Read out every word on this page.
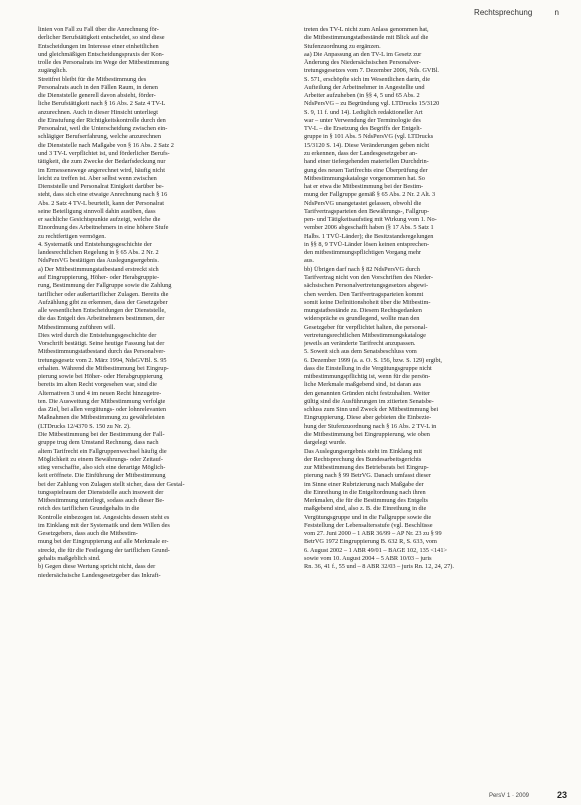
Rechtsprechung	n

linien von Fall zu Fall über die Anrechnung för-

derlicher Berufstätigkeit entscheidet, so sind diese

Entscheidungen im Interesse einer einheitlichen

und gleichmäßigen Entscheidungspraxis der Kon-

trolle des Personalrats im Wege der Mitbestimmung

zugänglich.

Streitfrei bleibt für die Mitbestimmung des

Personalrats auch in den Fällen Raum, in denen

die Dienststelle generell davon absieht, förder-

liche Berufstätigkeit nach § 16 Abs. 2 Satz 4 TV-L

anzurechnen. Auch in dieser Hinsicht unterliegt

die Einstufung der Richtigkeitskontrolle durch den

Personalrat, weil die Unterscheidung zwischen ein-

schlägiger Berufserfahrung, welche anzurechnen

die Dienststelle nach Maßgabe von § 16 Abs. 2 Satz 2

und 3 TV-L verpflichtet ist, und förderlicher Berufs-

tätigkeit, die zum Zwecke der Bedarfsdeckung nur

im Ermessenswege angerechnet wird, häufig nicht

leicht zu treffen ist. Aber selbst wenn zwischen

Dienststelle und Personalrat Einigkeit darüber be-

steht, dass sich eine etwaige Anrechnung nach § 16

Abs. 2 Satz 4 TV-L beurteilt, kann der Personalrat

seine Beteiligung sinnvoll dahin ausüben, dass

er sachliche Gesichtspunkte aufzeigt, welche die

Einordnung des Arbeitnehmers in eine höhere Stufe

zu rechtfertigen vermögen.

4. Systematik und Entstehungsgeschichte der

landesrechtlichen Regelung in § 65 Abs. 2 Nr. 2

NdsPersVG bestätigen das Auslegungsergebnis.

a) Der Mitbestimmungstatbestand erstreckt sich

auf Eingruppierung, Höher- oder Herabgruppie-

rung, Bestimmung der Fallgruppe sowie die Zahlung

tariflicher oder außertariflicher Zulagen. Bereits die

Aufzählung gibt zu erkennen, dass der Gesetzgeber

alle wesentlichen Entscheidungen der Dienststelle,

die das Entgelt des Arbeitnehmers bestimmen, der

Mitbestimmung zuführen will.

Dies wird durch die Entstehungsgeschichte der

Vorschrift bestätigt. Seine heutige Fassung hat der

Mitbestimmungstatbestand durch das Personalver-

tretungsgesetz vom 2. März 1994, NdsGVBl. S. 95

erhalten. Während die Mitbestimmung bei Eingrup-

pierung sowie bei Höher- oder Herabgruppierung

bereits im alten Recht vorgesehen war, sind die

Alternativen 3 und 4 im neuen Recht hinzugetre-

ten. Die Ausweitung der Mitbestimmung verfolgte

das Ziel, bei allen vergütungs- oder lohnrelevanten

Maßnahmen die Mitbestimmung zu gewährleisten

(LTDrucks 12/4370 S. 150 zu Nr. 2).

Die Mitbestimmung bei der Bestimmung der Fall-

gruppe trug dem Umstand Rechnung, dass nach

altem Tarifrecht ein Fallgruppenwechsel häufig die

Möglichkeit zu einem Bewährungs- oder Zeitauf-

stieg verschaffte, also sich eine derartige Möglich-

keit eröffnete. Die Einführung der Mitbestimmung

bei der Zahlung von Zulagen stellt sicher, dass der Gestal-

tungsspielraum der Dienststelle auch insoweit der

Mitbestimmung unterliegt, sodass auch dieser Be-

reich des tariflichen Grundgehalts in die

Kontrolle einbezogen ist. Angesichts dessen steht es

im Einklang mit der Systematik und dem Willen des

Gesetzgebers, dass auch die Mitbestim-

mung bei der Eingruppierung auf alle Merkmale er-

streckt, die für die Festlegung der tariflichen Grund-

gehalts maßgeblich sind.

b) Gegen diese Wertung spricht nicht, dass der

niedersächsische Landesgesetzgeber das Inkraft-

treten des TV-L nicht zum Anlass genommen hat,

die Mitbestimmungstatbestände mit Blick auf die

Stufenzuordnung zu ergänzen.

aa) Die Anpassung an den TV-L im Gesetz zur

Änderung des Niedersächsischen Personalver-

tretungsgesetzes vom 7. Dezember 2006, Nds. GVBl.

S. 571, erschöpfte sich im Wesentlichen darin, die

Aufteilung der Arbeitnehmer in Angestellte und

Arbeiter aufzuheben (in §§ 4, 5 und 65 Abs. 2

NdsPersVG – zu Begründung vgl. LTDrucks 15/3120

S. 9, 11 f. und 14). Lediglich redaktioneller Art

war – unter Verwendung der Terminologie des

TV-L – die Ersetzung des Begriffs der Entgelt-

gruppe in § 101 Abs. 5 NdsPersVG (vgl. LTDrucks

15/3120 S. 14). Diese Veränderungen geben nicht

zu erkennen, dass der Landesgesetzgeber an-

hand einer tiefergehenden materiellen Durchdrin-

gung des neuen Tarifrechts eine Überprüfung der

Mitbestimmungskataloge vorgenommen hat. So

hat er etwa die Mitbestimmung bei der Bestim-

mung der Fallgruppe gemäß § 65 Abs. 2 Nr. 2 Alt. 3

NdsPersVG unangetastet gelassen, obwohl die

Tarifvertragsparteien den Bewährungs-, Fallgrup-

pen- und Tätigkeitsaufstieg mit Wirkung vom 1. No-

vember 2006 abgeschafft haben (§ 17 Abs. 5 Satz 1

Halbs. 1 TVÜ-Länder); die Besitzstandsregelungen

in §§ 8, 9 TVÜ-Länder lösen keinen entsprechen-

den mitbestimmungspflichtigen Vorgang mehr

aus.

bb) Übrigen darf nach § 82 NdsPersVG durch

Tarifvertrag nicht von den Vorschriften des Nieder-

sächsischen Personalvertretungsgesetzes abgewi-

chen werden. Den Tarifvertragsparteien kommt

somit keine Definitionshoheit über die Mitbestim-

mungstatbestände zu. Diesem Rechtsgedanken

widerspräche es grundlegend, wollte man den

Gesetzgeber für verpflichtet halten, die personal-

vertretungsrechtlichen Mitbestimmungskataloge

jeweils an veränderte Tarifrecht anzupassen.

5. Soweit sich aus dem Senatsbeschluss vom

6. Dezember 1999 (a. a. O. S. 156, bzw. S. 129) ergibt,

dass die Einstellung in die Vergütungsgruppe nicht

mitbestimmungspflichtig ist, wenn für die persön-

liche Merkmale maßgebend sind, ist daran aus

den genannten Gründen nicht festzuhalten. Weiter

gültig sind die Ausführungen im zitierten Senatsbe-

schluss zum Sinn und Zweck der Mitbestimmung bei

Eingruppierung. Diese aber gebieten die Einbezie-

hung der Stufenzuordnung nach § 16 Abs. 2 TV-L in

die Mitbestimmung bei Eingruppierung, wie oben

dargelegt wurde.

Das Auslegungsergebnis steht im Einklang mit

der Rechtsprechung des Bundesarbeitsgerichts

zur Mitbestimmung des Betriebsrats bei Eingrup-

pierung nach § 99 BetrVG. Danach umfasst dieser

im Sinne einer Rubrizierung nach Maßgabe der

die Einreihung in die Entgeltordnung nach ihren

Merkmalen, die für die Bestimmung des Entgelts

maßgebend sind, also z. B. die Einreihung in die

Vergütungsgruppe und in die Fallgruppe sowie die

Feststellung der Lebensaltersstufe (vgl. Beschlüsse

vom 27. Juni 2000 – 1 ABR 36/99 – AP Nr. 23 zu § 99

BetrVG 1972 Eingruppierung B. 632 R, S. 633, vom

6. August 2002 – 1 ABR 49/01 – BAGE 102, 135 <141>

sowie vom 10. August 2004 – 5 ABR 10/03 – juris

Rn. 36, 41 f., 55 und – 8 ABR 32/03 – juris Rn. 12, 24, 27).

PersV 1 · 2009	23
